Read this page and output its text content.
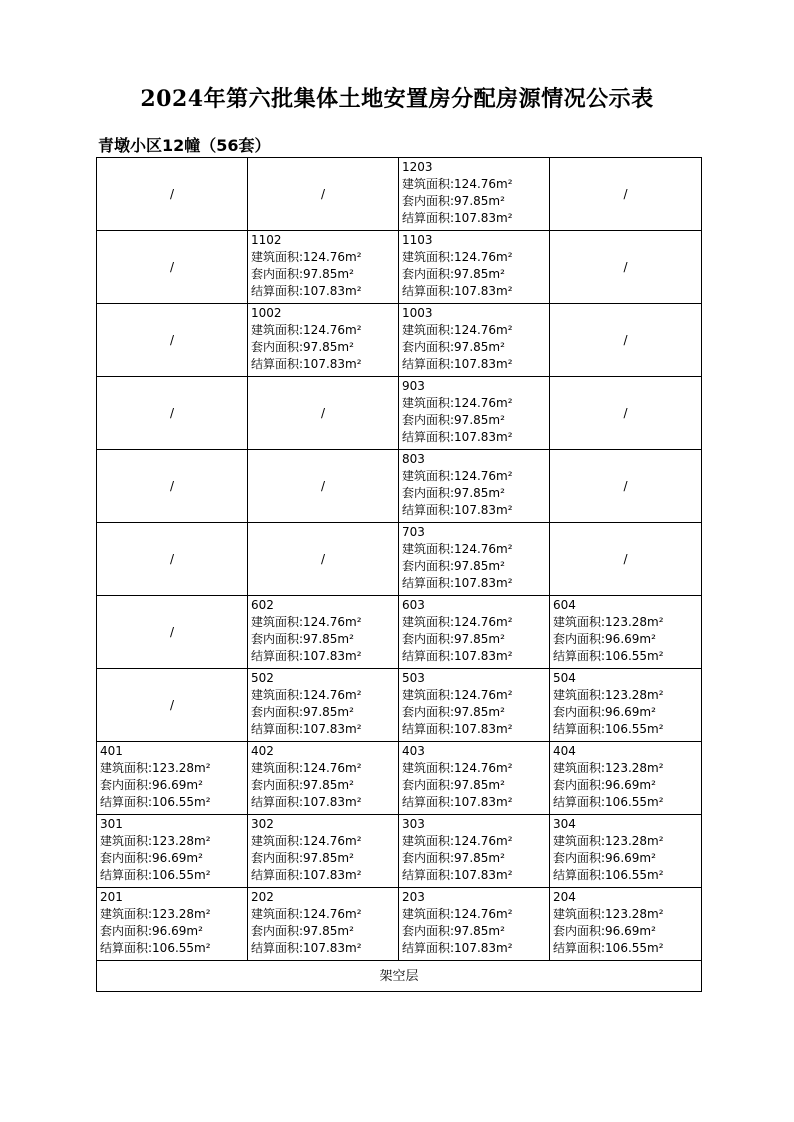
2024年第六批集体土地安置房分配房源情况公示表
青墩小区12幢（56套）
/	/	1203
建筑面积:124.76m²
套内面积:97.85m²
结算面积:107.83m²	/
/	1102
建筑面积:124.76m²
套内面积:97.85m²
结算面积:107.83m²	1103
建筑面积:124.76m²
套内面积:97.85m²
结算面积:107.83m²	/
/	1002
建筑面积:124.76m²
套内面积:97.85m²
结算面积:107.83m²	1003
建筑面积:124.76m²
套内面积:97.85m²
结算面积:107.83m²	/
/	/	903
建筑面积:124.76m²
套内面积:97.85m²
结算面积:107.83m²	/
/	/	803
建筑面积:124.76m²
套内面积:97.85m²
结算面积:107.83m²	/
/	/	703
建筑面积:124.76m²
套内面积:97.85m²
结算面积:107.83m²	/
/	602
建筑面积:124.76m²
套内面积:97.85m²
结算面积:107.83m²	603
建筑面积:124.76m²
套内面积:97.85m²
结算面积:107.83m²	604
建筑面积:123.28m²
套内面积:96.69m²
结算面积:106.55m²

/	502
建筑面积:124.76m²
套内面积:97.85m²
结算面积:107.83m²	503
建筑面积:124.76m²
套内面积:97.85m²
结算面积:107.83m²	504
建筑面积:123.28m²
套内面积:96.69m²
结算面积:106.55m²

401
建筑面积:123.28m²
套内面积:96.69m²
结算面积:106.55m²	402
建筑面积:124.76m²
套内面积:97.85m²
结算面积:107.83m²	403
建筑面积:124.76m²
套内面积:97.85m²
结算面积:107.83m²	404
建筑面积:123.28m²
套内面积:96.69m²
结算面积:106.55m²

301
建筑面积:123.28m²
套内面积:96.69m²
结算面积:106.55m²	302
建筑面积:124.76m²
套内面积:97.85m²
结算面积:107.83m²	303
建筑面积:124.76m²
套内面积:97.85m²
结算面积:107.83m²	304
建筑面积:123.28m²
套内面积:96.69m²
结算面积:106.55m²

201
建筑面积:123.28m²
套内面积:96.69m²
结算面积:106.55m²	202
建筑面积:124.76m²
套内面积:97.85m²
结算面积:107.83m²	203
建筑面积:124.76m²
套内面积:97.85m²
结算面积:107.83m²	204
建筑面积:123.28m²
套内面积:96.69m²
结算面积:106.55m²

架空层			
